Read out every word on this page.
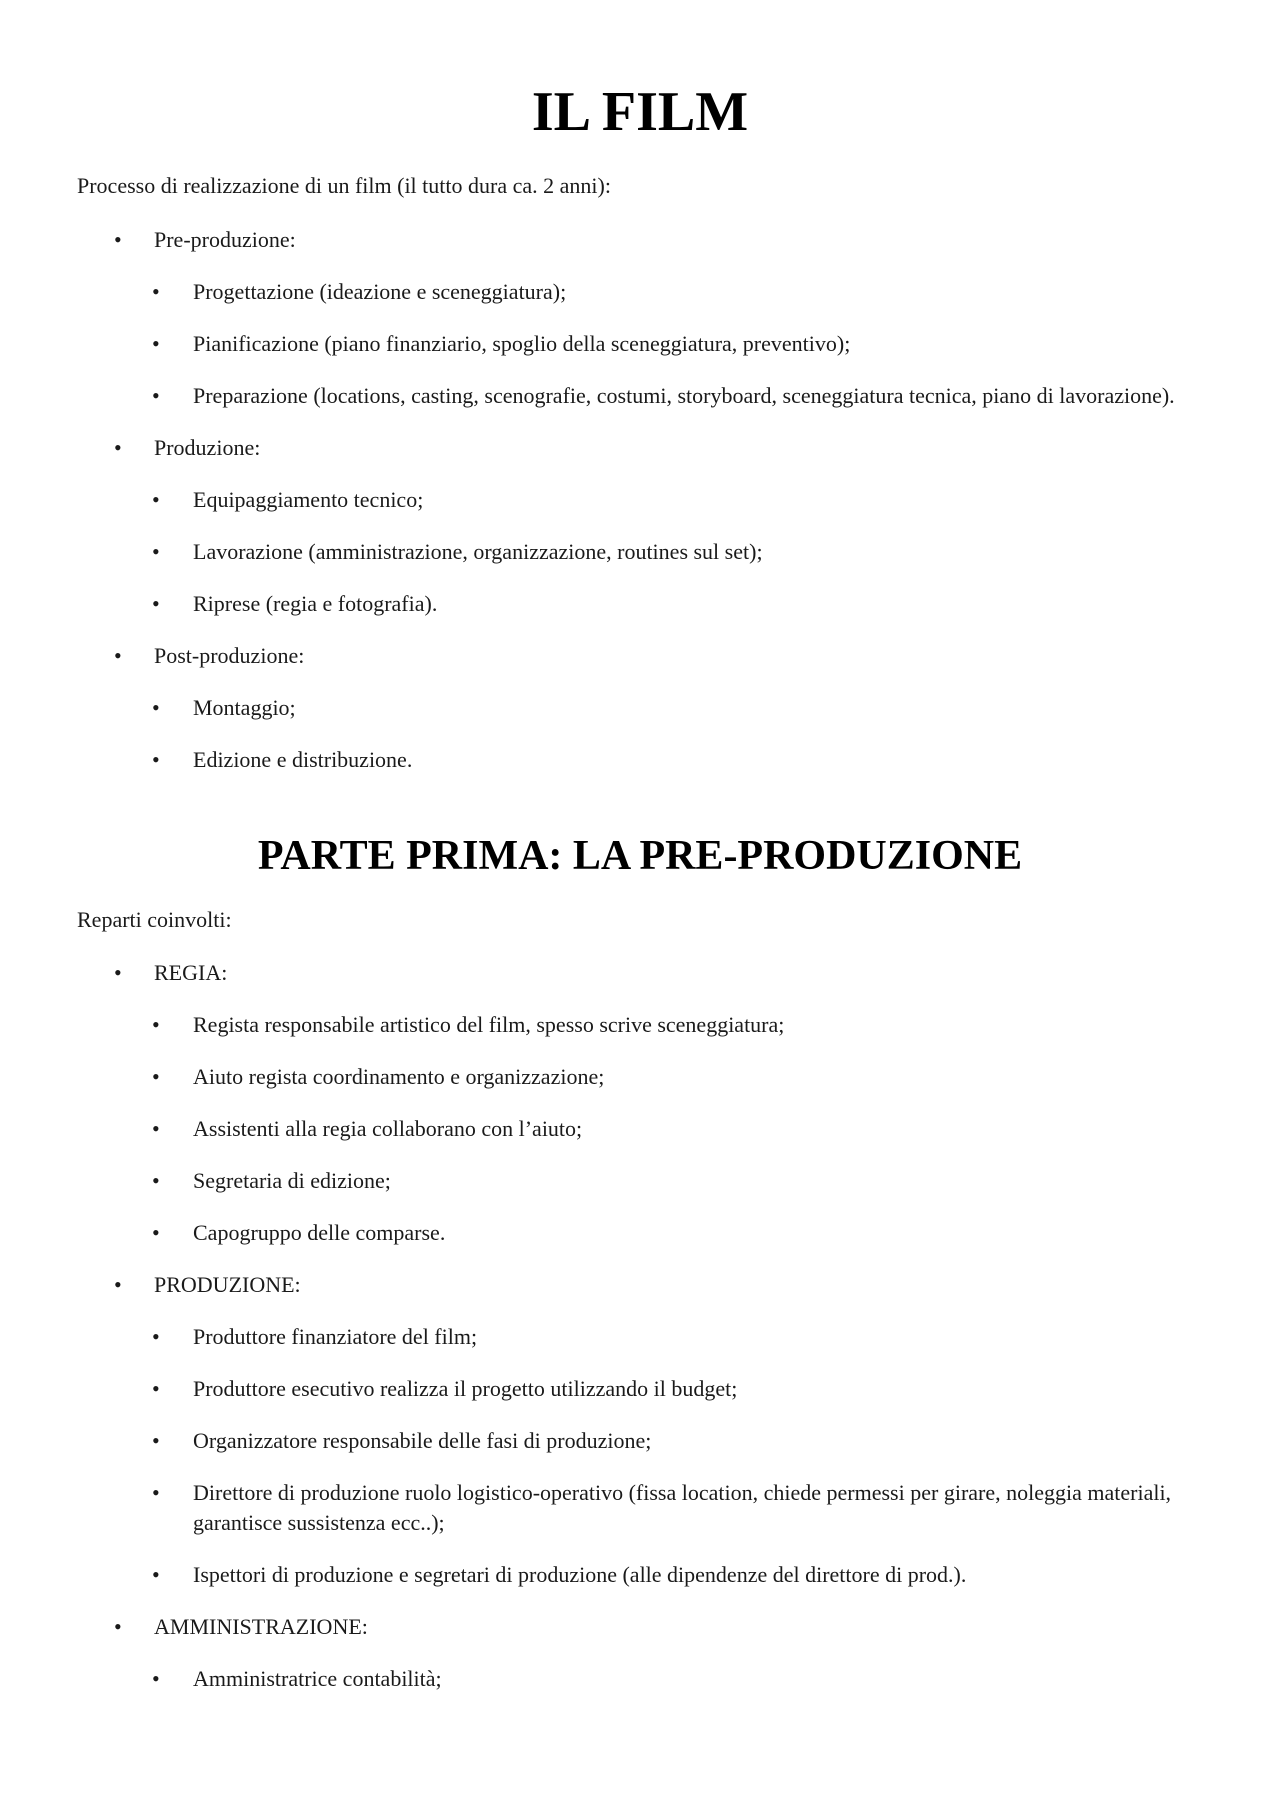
IL FILM

Processo di realizzazione di un film (il tutto dura ca. 2 anni):

• Pre-produzione:
• Progettazione (ideazione e sceneggiatura);
• Pianificazione (piano finanziario, spoglio della sceneggiatura, preventivo);
• Preparazione (locations, casting, scenografie, costumi, storyboard, sceneggiatura tecnica, piano di lavorazione).
• Produzione:
• Equipaggiamento tecnico;
• Lavorazione (amministrazione, organizzazione, routines sul set);
• Riprese (regia e fotografia).
• Post-produzione:
• Montaggio;
• Edizione e distribuzione.
PARTE PRIMA: LA PRE-PRODUZIONE

Reparti coinvolti:

• REGIA:
• Regista responsabile artistico del film, spesso scrive sceneggiatura;
• Aiuto regista coordinamento e organizzazione;
• Assistenti alla regia collaborano con l’aiuto;
• Segretaria di edizione;
• Capogruppo delle comparse.
• PRODUZIONE:
• Produttore finanziatore del film;
• Produttore esecutivo realizza il progetto utilizzando il budget;
• Organizzatore responsabile delle fasi di produzione;
• Direttore di produzione ruolo logistico-operativo (fissa location, chiede permessi per girare, noleggia materiali, garantisce sussistenza ecc..);
• Ispettori di produzione e segretari di produzione (alle dipendenze del direttore di prod.).
• AMMINISTRAZIONE:
• Amministratrice contabilità;
